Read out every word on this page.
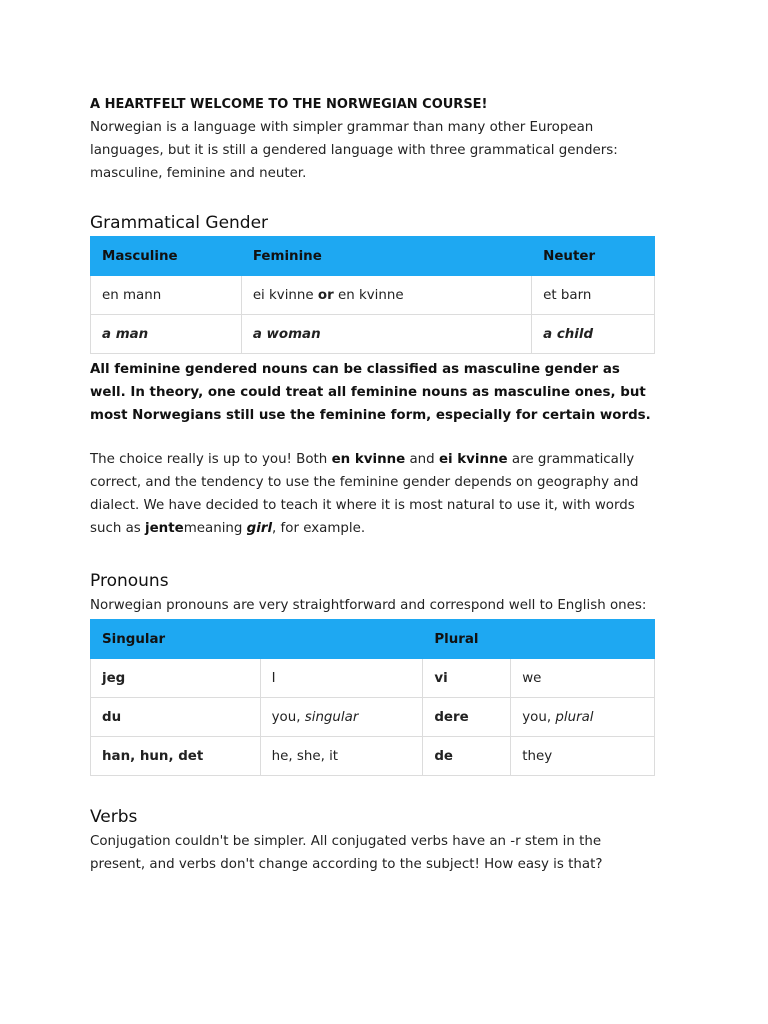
A HEARTFELT WELCOME TO THE NORWEGIAN COURSE!

Norwegian is a language with simpler grammar than many other European languages, but it is still a gendered language with three grammatical genders: masculine, feminine and neuter.

Grammatical Gender
Masculine	Feminine	Neuter
en mann	ei kvinne or en kvinne	et barn
a man	a woman	a child

All feminine gendered nouns can be classified as masculine gender as well. In theory, one could treat all feminine nouns as masculine ones, but most Norwegians still use the feminine form, especially for certain words.

The choice really is up to you! Both en kvinne and ei kvinne are grammatically correct, and the tendency to use the feminine gender depends on geography and dialect. We have decided to teach it where it is most natural to use it, with words such as jentemeaning girl, for example.

Pronouns

Norwegian pronouns are very straightforward and correspond well to English ones:

Singular		Plural	
jeg	I	vi	we
du	you, singular	dere	you, plural
han, hun, det	he, she, it	de	they
Verbs

Conjugation couldn't be simpler. All conjugated verbs have an -r stem in the present, and verbs don't change according to the subject! How easy is that?
